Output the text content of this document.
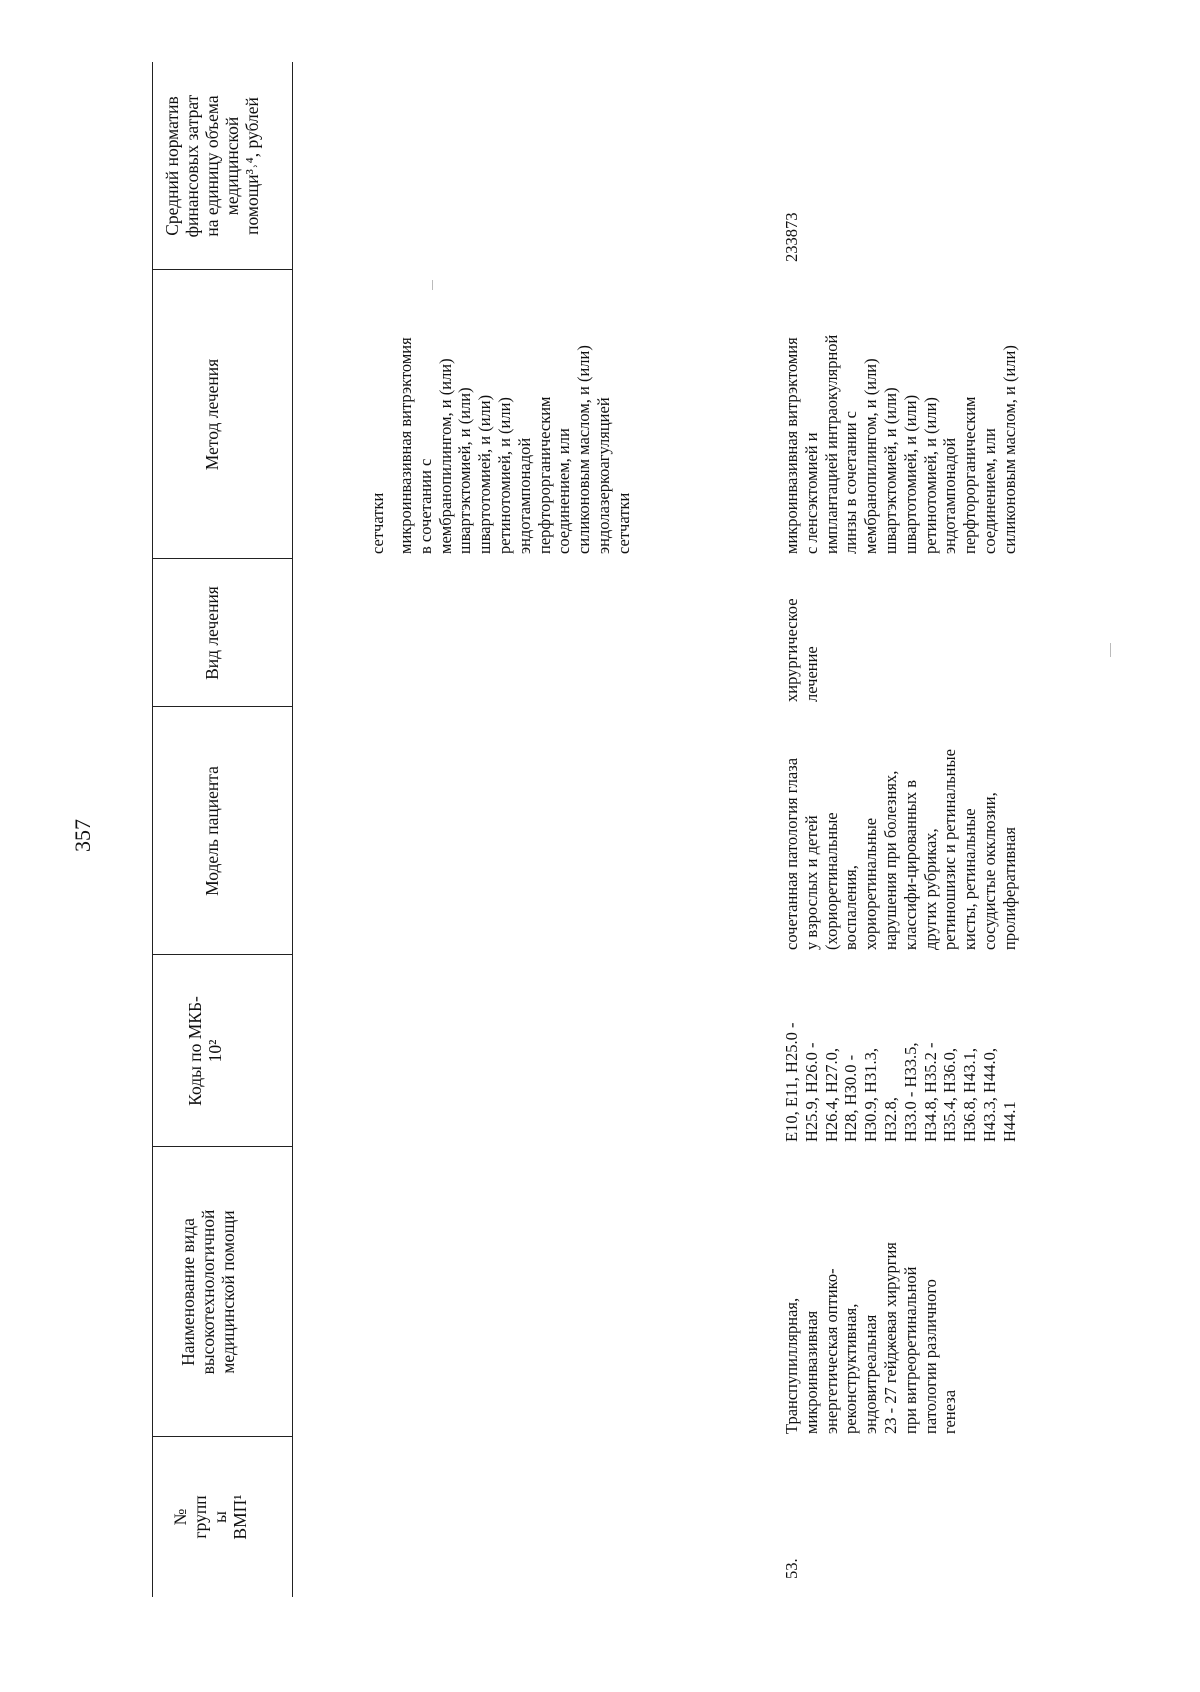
357
№ групп ы ВМП¹
Наименование вида высокотехнологичной медицинской помощи
Коды по МКБ- 10²
Модель пациента
Вид лечения
Метод лечения
Средний норматив финансовых затрат на единицу объема медицинской помощи³˒⁴, рублей
сетчатки микроинвазивная витрэктомия в сочетании с мембранопилингом, и (или) швартэктомией, и (или) швартотомией, и (или) ретинотомией, и (или) эндотампонадой перфторорганическим соединением, или силиконовым маслом, и (или) эндолазеркоагуляцией сетчатки
53.
Транспупиллярная, микроинвазивная энергетическая оптико- реконструктивная, эндовитреальная 23 - 27 гейджевая хирургия при витреоретинальной патологии различного генеза
E10, E11, H25.0 - H25.9, H26.0 - H26.4, H27.0, H28, H30.0 - H30.9, H31.3, H32.8, H33.0 - H33.5, H34.8, H35.2 - H35.4, H36.0, H36.8, H43.1, H43.3, H44.0, H44.1
сочетанная патология глаза у взрослых и детей (хориоретинальные воспаления, хориоретинальные нарушения при болезнях, классифи-цированных в других рубриках, ретиношизис и ретинальные кисты, ретинальные сосудистые окклюзии, пролиферативная
хирургическое лечение
микроинвазивная витрэктомия с ленсэктомией и имплантацией интраокулярной линзы в сочетании с мембранопилингом, и (или) швартэктомией, и (или) швартотомией, и (или) ретинотомией, и (или) эндотампонадой перфторорганическим соединением, или силиконовым маслом, и (или)
233873
